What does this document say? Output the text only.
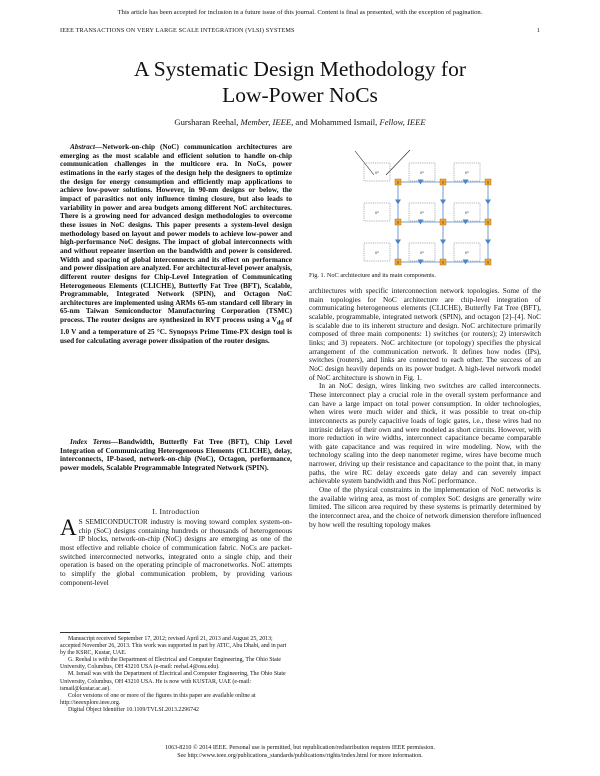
This article has been accepted for inclusion in a future issue of this journal. Content is final as presented, with the exception of pagination.
IEEE TRANSACTIONS ON VERY LARGE SCALE INTEGRATION (VLSI) SYSTEMS	1
A Systematic Design Methodology for
Low-Power NoCs
Gursharan Reehal, Member, IEEE, and Mohammed Ismail, Fellow, IEEE

Abstract—Network-on-chip (NoC) communication architectures are emerging as the most scalable and efficient solution to handle on-chip communication challenges in the multicore era. In NoCs, power estimations in the early stages of the design help the designers to optimize the design for energy consumption and efficiently map applications to achieve low-power solutions. However, in 90-nm designs or below, the impact of parasitics not only influence timing closure, but also leads to variability in power and area budgets among different NoC architectures. There is a growing need for advanced design methodologies to overcome these issues in NoC designs. This paper presents a system-level design methodology based on layout and power models to achieve low-power and high-performance NoC designs. The impact of global interconnects with and without repeater insertion on the bandwidth and power is considered. Width and spacing of global interconnects and its effect on performance and power dissipation are analyzed. For architectural-level power analysis, different router designs for Chip-Level Integration of Communicating Heterogeneous Elements (CLICHE), Butterfly Fat Tree (BFT), Scalable, Programmable, Integrated Network (SPIN), and Octagon NoC architectures are implemented using ARMs 65-nm standard cell library in 65-nm Taiwan Semiconductor Manufacturing Corporation (TSMC) process. The router designs are synthesized in RVT process using a $V_{dd}$ of 1.0 V and a temperature of 25 °C. Synopsys Prime Time-PX design tool is used for calculating average power dissipation of the router designs.

Index Terms—Bandwidth, Butterfly Fat Tree (BFT), Chip Level Integration of Communicating Heterogeneous Elements (CLICHE), delay, interconnects, IP-based, network-on-chip (NoC), Octagon, performance, power models, Scalable Programmable Integrated Network (SPIN).

I. Introduction

A S SEMICONDUCTOR industry is moving toward complex system-on-chip (SoC) designs containing hundreds or thousands of heterogeneous IP blocks, network-on-chip (NoC) designs are emerging as one of the most effective and reliable choice of communication fabric. NoCs are packet-switched interconnected networks, integrated onto a single chip, and their operation is based on the operating principle of macronetworks. NoC attempts to simplify the global communication problem, by providing various component-level

Manuscript received September 17, 2012; revised April 21, 2013 and August 25, 2013; accepted November 26, 2013. This work was supported in part by ATIC, Abu Dhabi, and in part by the KSRC, Kustar, UAE.

G. Reehal is with the Department of Electrical and Computer Engineering, The Ohio State University, Columbus, OH 43210 USA (e-mail: reehal.4@osu.edu).

M. Ismail was with the Department of Electrical and Computer Engineering, The Ohio State University, Columbus, OH 43210 USA. He is now with KUSTAR, UAE (e-mail: ismail@kustar.ac.ae).

Color versions of one or more of the figures in this paper are available online at http://ieeexplore.ieee.org.

Digital Object Identifier 10.1109/TVLSI.2013.2296742

IP	IP	IP
IP	IP	IP
IP	IP	IP
S	S	S
S	S	S
S	S	S
Fig. 1. NoC architecture and its main components.

architectures with specific interconnection network topologies. Some of the main topologies for NoC architecture are chip-level integration of communicating heterogeneous elements (CLICHE), Butterfly Fat Tree (BFT), scalable, programmable, integrated network (SPIN), and octagon [2]–[4]. NoC is scalable due to its inherent structure and design. NoC architecture primarily composed of three main components: 1) switches (or routers); 2) interswitch links; and 3) repeaters. NoC architecture (or topology) specifies the physical arrangement of the communication network. It defines how nodes (IPs), switches (routers), and links are connected to each other. The success of an NoC design heavily depends on its power budget. A high-level network model of NoC architecture is shown in Fig. 1.

In an NoC design, wires linking two switches are called interconnects. These interconnect play a crucial role in the overall system performance and can have a large impact on total power consumption. In older technologies, when wires were much wider and thick, it was possible to treat on-chip interconnects as purely capacitive loads of logic gates, i.e., these wires had no intrinsic delays of their own and were modeled as short circuits. However, with more reduction in wire widths, interconnect capacitance became comparable with gate capacitance and was required in wire modeling. Now, with the technology scaling into the deep nanometer regime, wires have become much narrower, driving up their resistance and capacitance to the point that, in many paths, the wire RC delay exceeds gate delay and can severely impact achievable system bandwidth and thus NoC performance.

One of the physical constraints in the implementation of NoC networks is the available wiring area, as most of complex SoC designs are generally wire limited. The silicon area required by these systems is primarily determined by the interconnect area, and the choice of network dimension therefore influenced by how well the resulting topology makes

1063-8210 © 2014 IEEE. Personal use is permitted, but republication/redistribution requires IEEE permission.
See http://www.ieee.org/publications_standards/publications/rights/index.html for more information.
